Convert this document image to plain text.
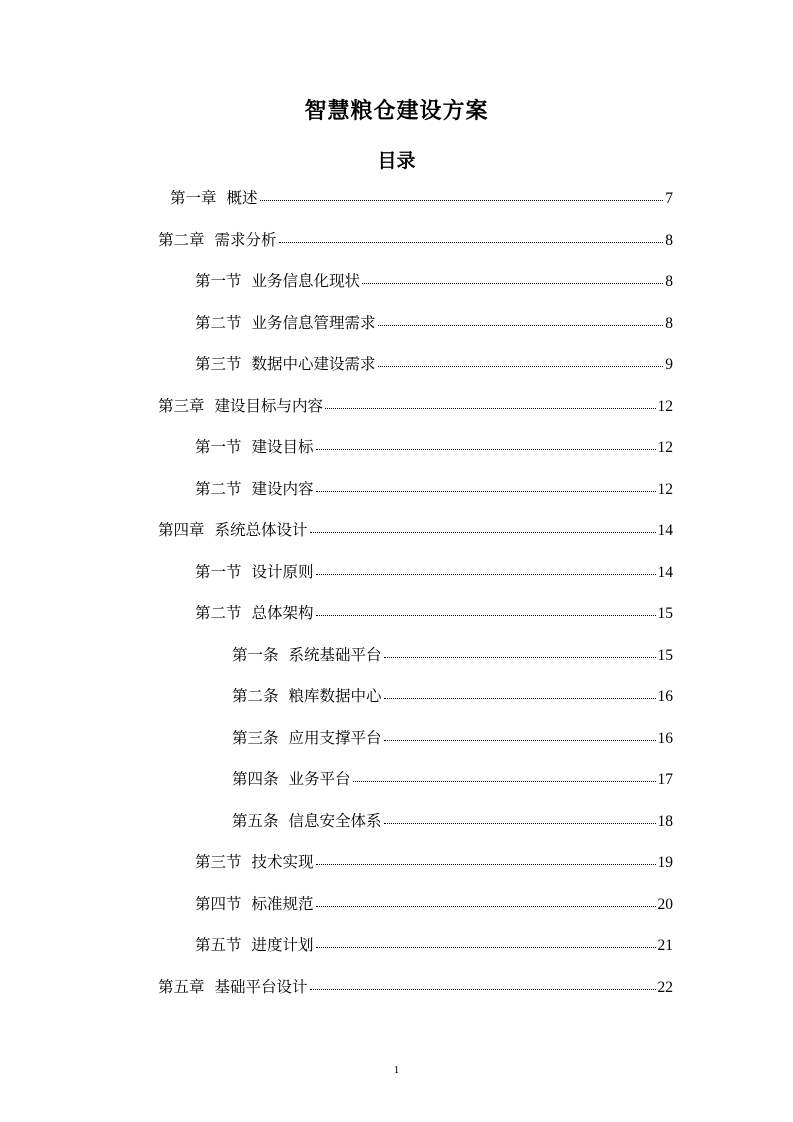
智慧粮仓建设方案
目录
第一章 概述	7
第二章 需求分析	8
第一节 业务信息化现状	8
第二节 业务信息管理需求	8
第三节 数据中心建设需求	9
第三章 建设目标与内容	12
第一节 建设目标	12
第二节 建设内容	12
第四章 系统总体设计	14
第一节 设计原则	14
第二节 总体架构	15
第一条 系统基础平台	15
第二条 粮库数据中心	16
第三条 应用支撑平台	16
第四条 业务平台	17
第五条 信息安全体系	18
第三节 技术实现	19
第四节 标准规范	20
第五节 进度计划	21
第五章 基础平台设计	22
1
